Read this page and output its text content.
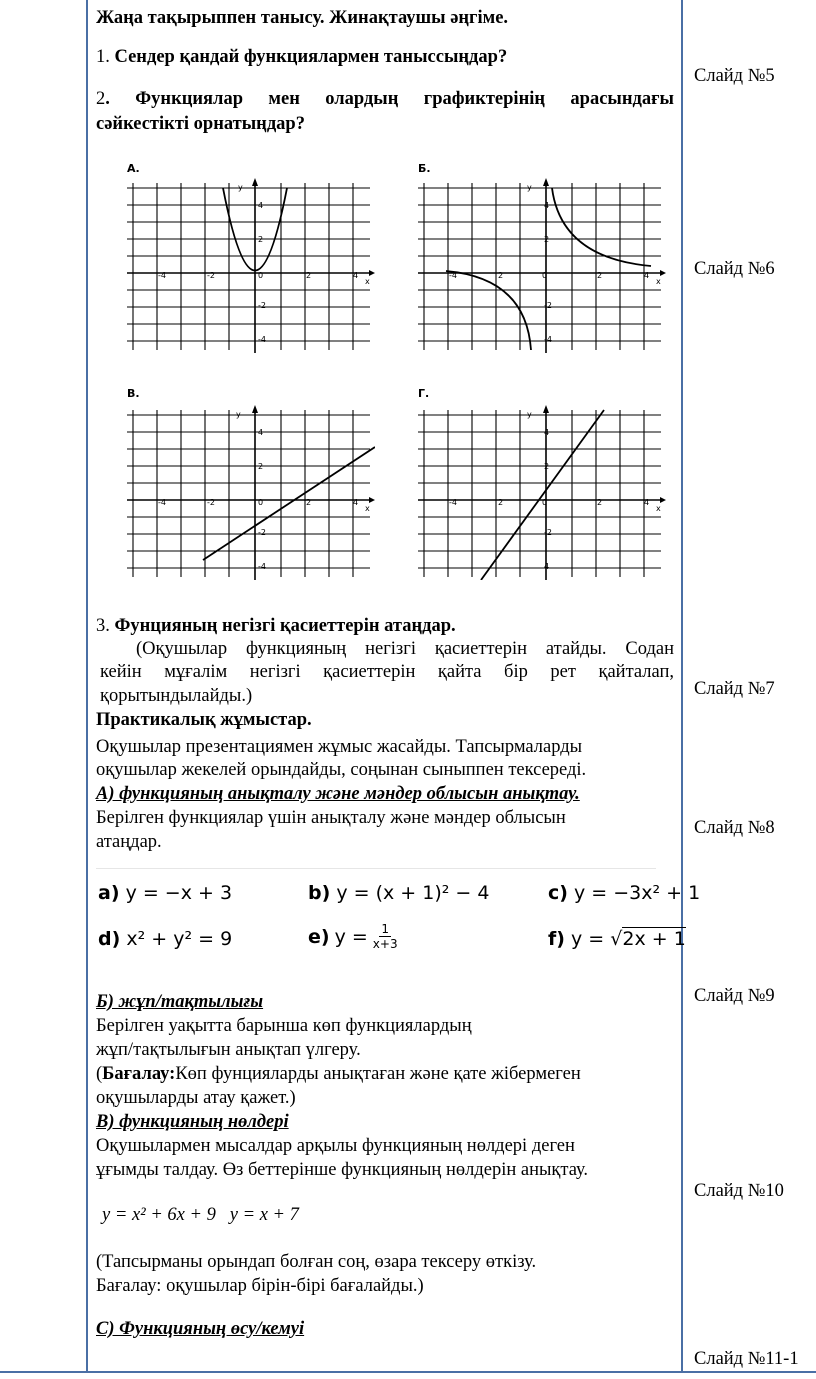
Жаңа тақырыппен танысу. Жинақтаушы әңгіме.
1. Сендер қандай функциялармен таныссыңдар?
2. Функциялар мен олардың графиктерінің арасындағы
сәйкестікті орнатыңдар?
А.
y
x
-4	-2	0	2	4
2
4
-2
-4
Б.
y
x
-4	2	0	2	4
2
4
-2
-4
В.
y
x
-4	-2	0	2	4
2
4
-2
-4
Г.
y
x
-4	2	0	2	4
2
4
-2
4
3. Фунцияның негізгі қасиеттерін атаңдар.
(Оқушылар функцияның негізгі қасиеттерін атайды. Содан
кейін мұғалім негізгі қасиеттерін қайта бір рет қайталап,
қорытындылайды.)
Практикалық жұмыстар.
Оқушылар презентациямен жұмыс жасайды. Тапсырмаларды
оқушылар жекелей орындайды, соңынан сыныппен тексереді.
А) функцияның анықталу және мәндер облысын анықтау.
Берілген функциялар үшін анықталу және мәндер облысын
атаңдар.
a) y = −x + 3	b) y = (x + 1)² − 4	c) y = −3x² + 1
d) x² + y² = 9	e) $y = \frac{1}{x+3}$	f) y = √2x + 1
Б) жұп/тақтылығы
Берілген уақытта барынша көп функциялардың
жұп/тақтылығын анықтап үлгеру.
(Бағалау:Көп фунцияларды анықтаған және қате жібермеген
оқушыларды атау қажет.)
В) функцияның нөлдері
Оқушылармен мысалдар арқылы функцияның нөлдері деген
ұғымды талдау. Өз беттерінше функцияның нөлдерін анықтау.
y = x² + 6x + 9   y = x + 7
(Тапсырманы орындап болған соң, өзара тексеру өткізу.
Бағалау: оқушылар бірін-бірі бағалайды.)
С) Функцияның өсу/кемуі
Слайд №5
Слайд №6
Слайд №7
Слайд №8
Слайд №9
Слайд №10
Слайд №11-1
